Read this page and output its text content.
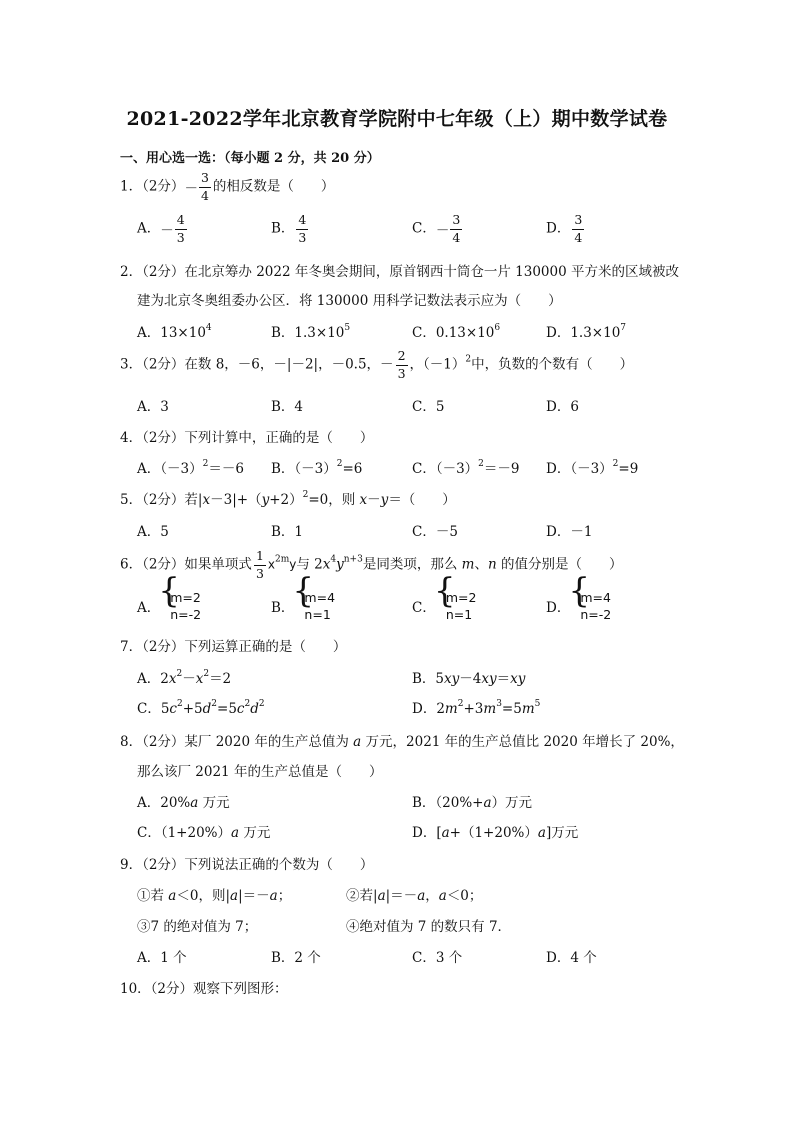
2021-2022学年北京教育学院附中七年级（上）期中数学试卷
一、用心选一选：（每小题 2 分，共 20 分）
1．（2分）－ $\frac{3}{4}$ 的相反数是（　　）
A．－ $\frac{4}{3}$	B． $\frac{4}{3}$	C．－ $\frac{3}{4}$	D． $\frac{3}{4}$
2．（2分）在北京筹办 2022 年冬奥会期间，原首钢西十筒仓一片 130000 平方米的区域被改
建为北京冬奥组委办公区．将 130000 用科学记数法表示应为（　　）
A．$13\times 10^4$	B．$1.3\times 10^5$	C．$0.13\times 10^6$	D．$1.3\times 10^7$
3．（2分）在数 8，－6，－|－2|，－0.5，－ $\frac{2}{3}$ ，$(-1)^2$中，负数的个数有（　　）
A．3	B．4	C．5	D．6
4．（2分）下列计算中，正确的是（　　）
A．$(-3)^2=-6$ B．$(-3)^2=6$	C．$(-3)^2=-9$ D．$(-3)^2=9$
5．（2分）若$|x-3|+(y+2)^2=0$，则 x－y＝（　　）
A．5	B．1	C．－5	D．－1
6．（2分）如果单项式 $\frac{1}{3} x^{2m}y$与 $2x^4y^{n+3}$是同类项，那么 m、n 的值分别是（　　）
A．{ m=2
n=-2	B．{ m=4
n=1	C．{ m=2
n=1	D．{ m=4
n=-2
7．（2分）下列运算正确的是（　　）
A．$2x^2-x^2=2$	B．5xy－4xy＝xy
C．$5c^2+5d^2=5c^2d^2$	D．$2m^2+3m^3=5m^5$
8．（2分）某厂 2020 年的生产总值为 a 万元，2021 年的生产总值比 2020 年增长了 20%，
那么该厂 2021 年的生产总值是（　　）
A．20%a 万元	B．（20%+a）万元
C．（1+20%）a 万元	D．[a+（1+20%）a]万元
9．（2分）下列说法正确的个数为（　　）
①若 a＜0，则|a|＝－a；	②若|a|＝－a，a＜0；
③7 的绝对值为 7；	④绝对值为 7 的数只有 7．
A．1 个	B．2 个	C．3 个	D．4 个
10．（2分）观察下列图形：
